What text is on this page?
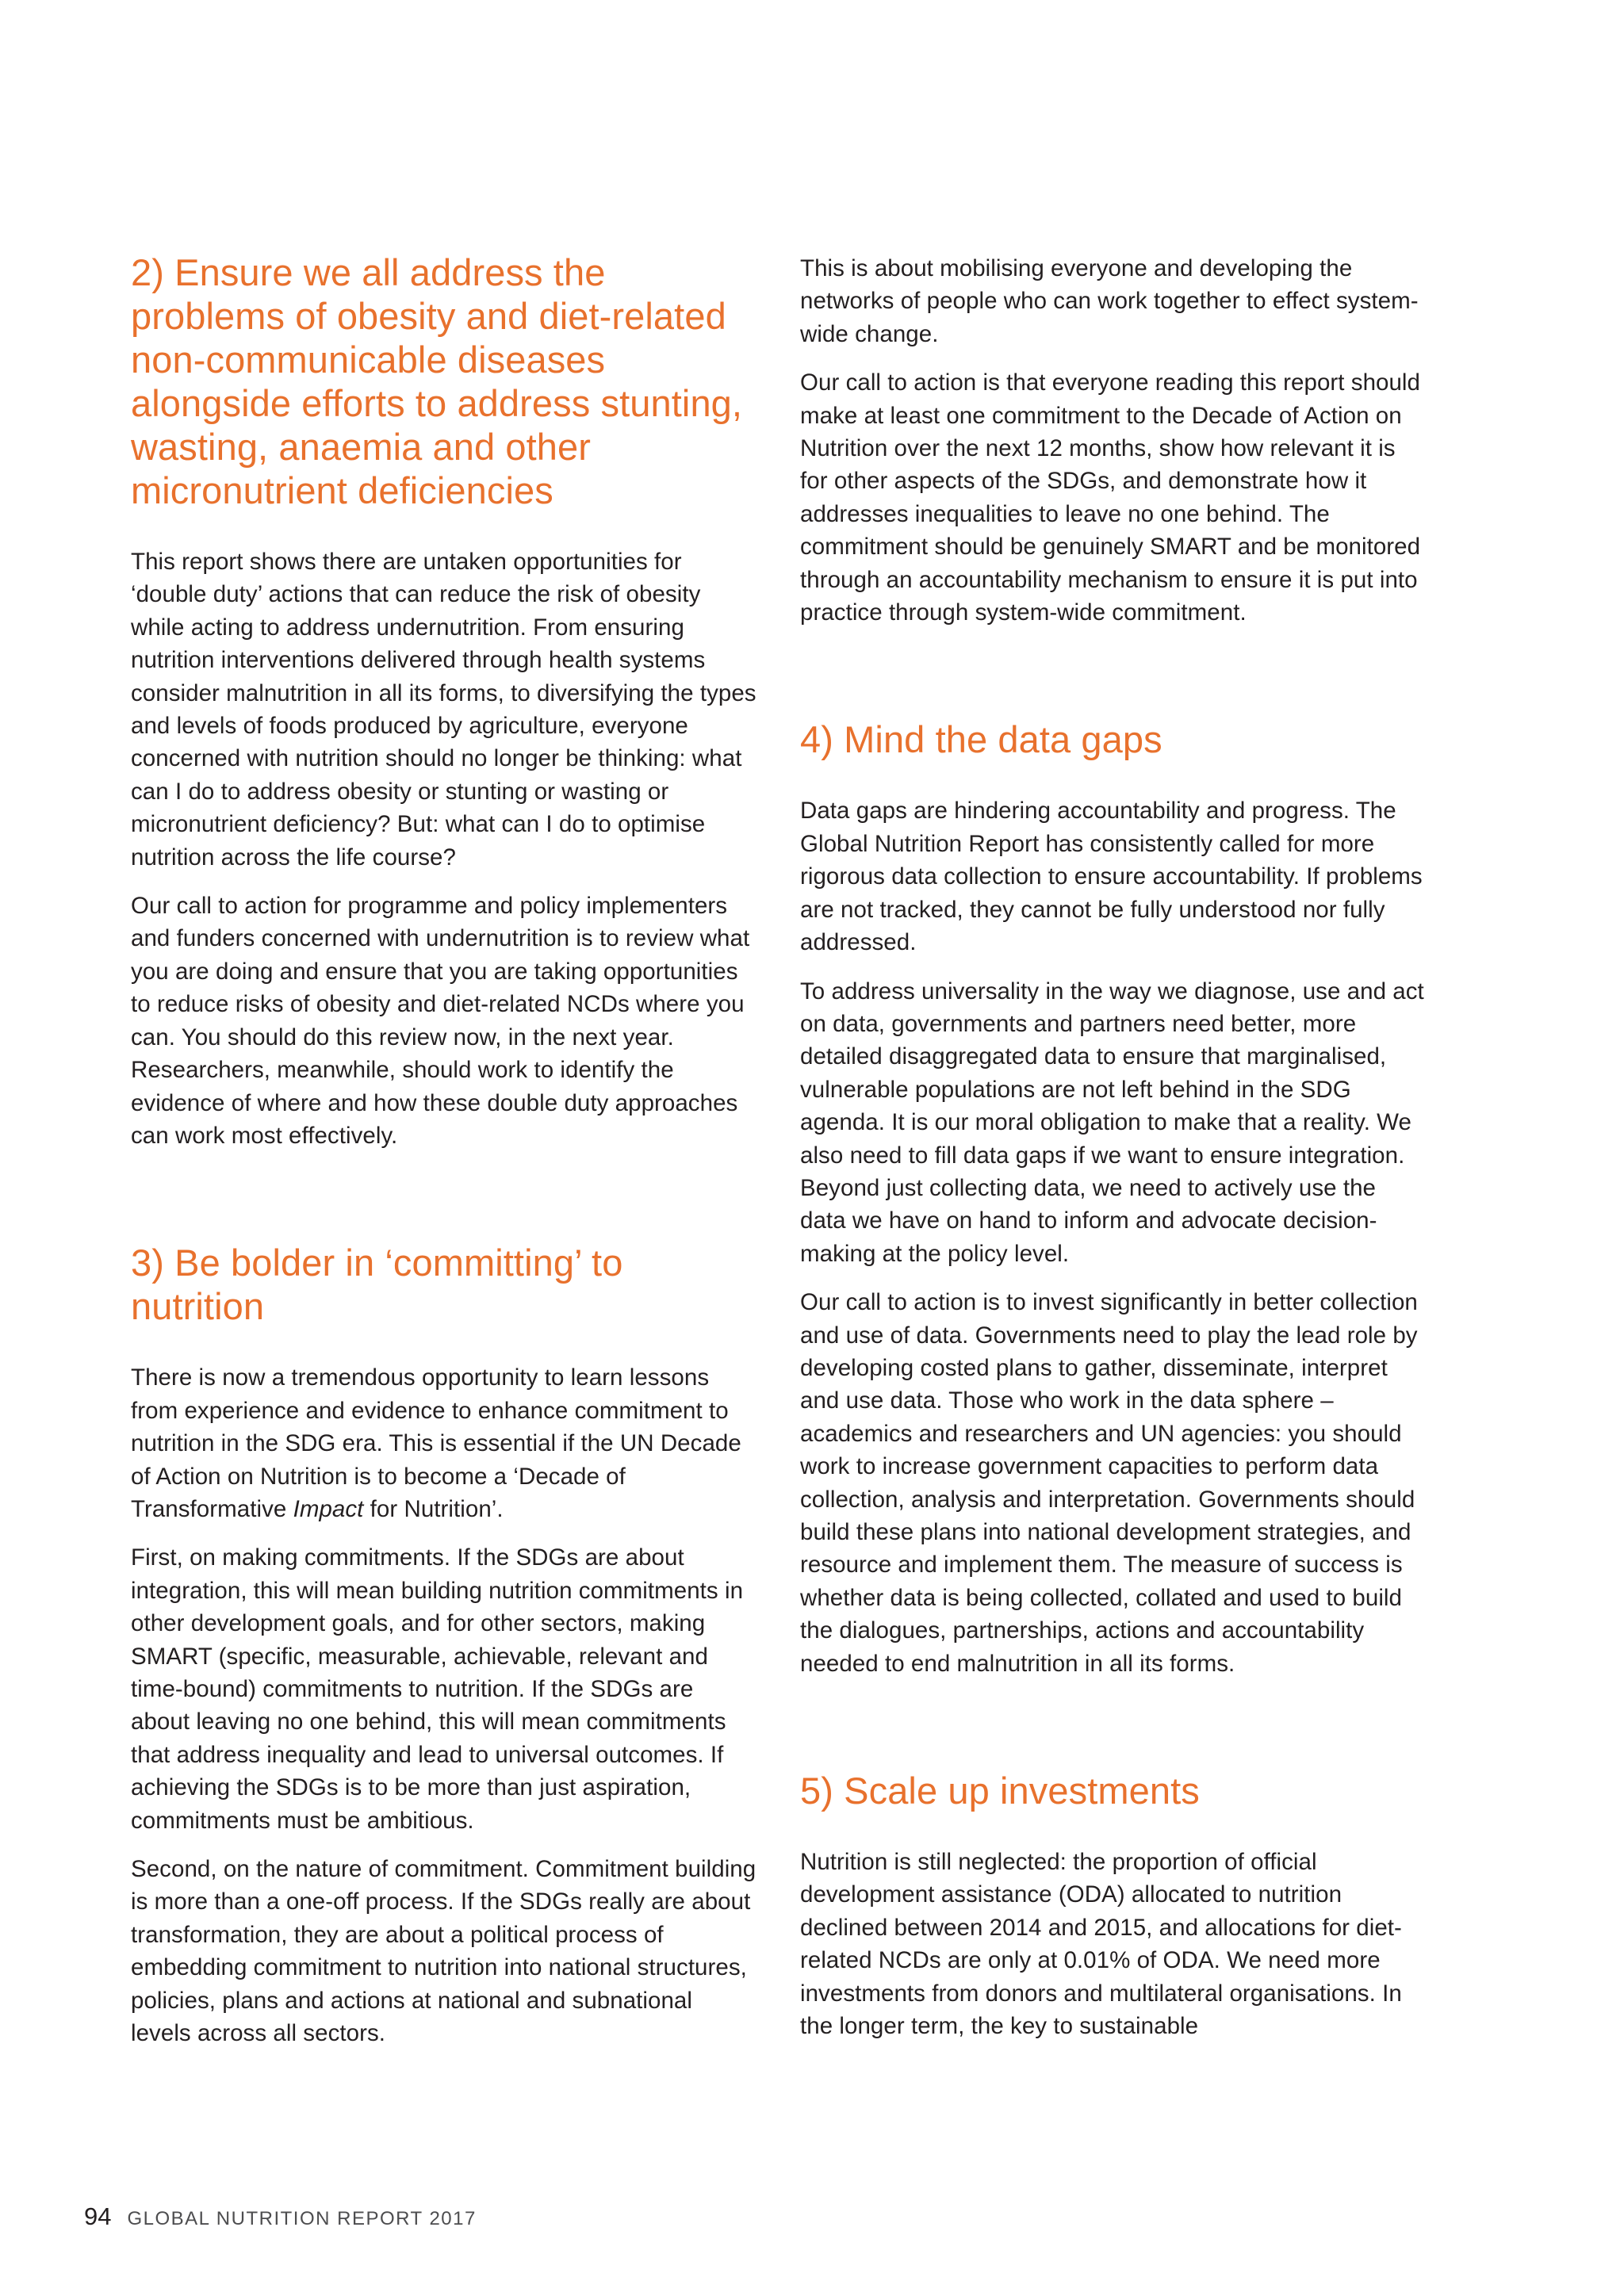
2) Ensure we all address the problems of obesity and diet-related non-communicable diseases alongside efforts to address stunting, wasting, anaemia and other micronutrient deficiencies

This report shows there are untaken opportunities for ‘double duty’ actions that can reduce the risk of obesity while acting to address undernutrition. From ensuring nutrition interventions delivered through health systems consider malnutrition in all its forms, to diversifying the types and levels of foods produced by agriculture, everyone concerned with nutrition should no longer be thinking: what can I do to address obesity or stunting or wasting or micronutrient deficiency? But: what can I do to optimise nutrition across the life course?

Our call to action for programme and policy implementers and funders concerned with undernutrition is to review what you are doing and ensure that you are taking opportunities to reduce risks of obesity and diet-related NCDs where you can. You should do this review now, in the next year. Researchers, meanwhile, should work to identify the evidence of where and how these double duty approaches can work most effectively.

3) Be bolder in ‘committing’ to nutrition

There is now a tremendous opportunity to learn lessons from experience and evidence to enhance commitment to nutrition in the SDG era. This is essential if the UN Decade of Action on Nutrition is to become a ‘Decade of Transformative Impact for Nutrition’.

First, on making commitments. If the SDGs are about integration, this will mean building nutrition commitments in other development goals, and for other sectors, making SMART (specific, measurable, achievable, relevant and time-bound) commitments to nutrition. If the SDGs are about leaving no one behind, this will mean commitments that address inequality and lead to universal outcomes. If achieving the SDGs is to be more than just aspiration, commitments must be ambitious.

Second, on the nature of commitment. Commitment building is more than a one-off process. If the SDGs really are about transformation, they are about a political process of embedding commitment to nutrition into national structures, policies, plans and actions at national and subnational levels across all sectors.

This is about mobilising everyone and developing the networks of people who can work together to effect system-wide change.

Our call to action is that everyone reading this report should make at least one commitment to the Decade of Action on Nutrition over the next 12 months, show how relevant it is for other aspects of the SDGs, and demonstrate how it addresses inequalities to leave no one behind. The commitment should be genuinely SMART and be monitored through an accountability mechanism to ensure it is put into practice through system-wide commitment.

4) Mind the data gaps

Data gaps are hindering accountability and progress. The Global Nutrition Report has consistently called for more rigorous data collection to ensure accountability. If problems are not tracked, they cannot be fully understood nor fully addressed.

To address universality in the way we diagnose, use and act on data, governments and partners need better, more detailed disaggregated data to ensure that marginalised, vulnerable populations are not left behind in the SDG agenda. It is our moral obligation to make that a reality. We also need to fill data gaps if we want to ensure integration. Beyond just collecting data, we need to actively use the data we have on hand to inform and advocate decision-making at the policy level.

Our call to action is to invest significantly in better collection and use of data. Governments need to play the lead role by developing costed plans to gather, disseminate, interpret and use data. Those who work in the data sphere – academics and researchers and UN agencies: you should work to increase government capacities to perform data collection, analysis and interpretation. Governments should build these plans into national development strategies, and resource and implement them. The measure of success is whether data is being collected, collated and used to build the dialogues, partnerships, actions and accountability needed to end malnutrition in all its forms.

5) Scale up investments

Nutrition is still neglected: the proportion of official development assistance (ODA) allocated to nutrition declined between 2014 and 2015, and allocations for diet-related NCDs are only at 0.01% of ODA. We need more investments from donors and multilateral organisations. In the longer term, the key to sustainable

94 GLOBAL NUTRITION REPORT 2017
